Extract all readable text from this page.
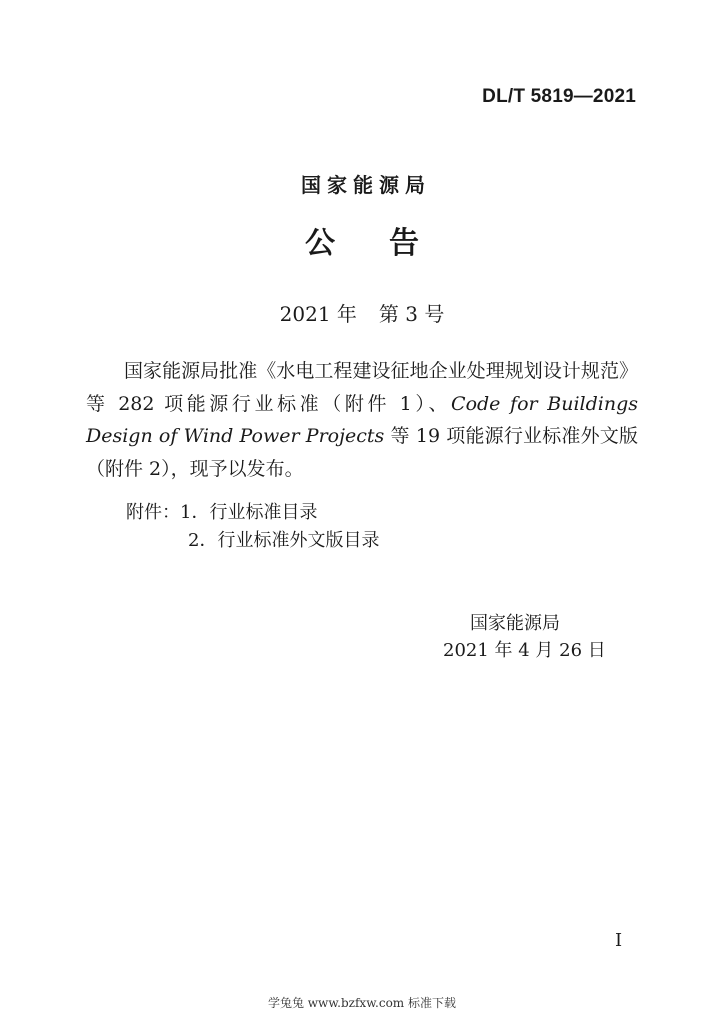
DL/T 5819—2021
国家能源局
公 告
2021 年 第 3 号

国家能源局批准《水电工程建设征地企业处理规划设计规范》等 282 项能源行业标准（附件 1）、Code for Buildings Design of Wind Power Projects 等 19 项能源行业标准外文版（附件 2），现予以发布。

附件：1．行业标准目录
2．行业标准外文版目录
国家能源局
2021 年 4 月 26 日
I
学兔兔 www.bzfxw.com 标准下载
